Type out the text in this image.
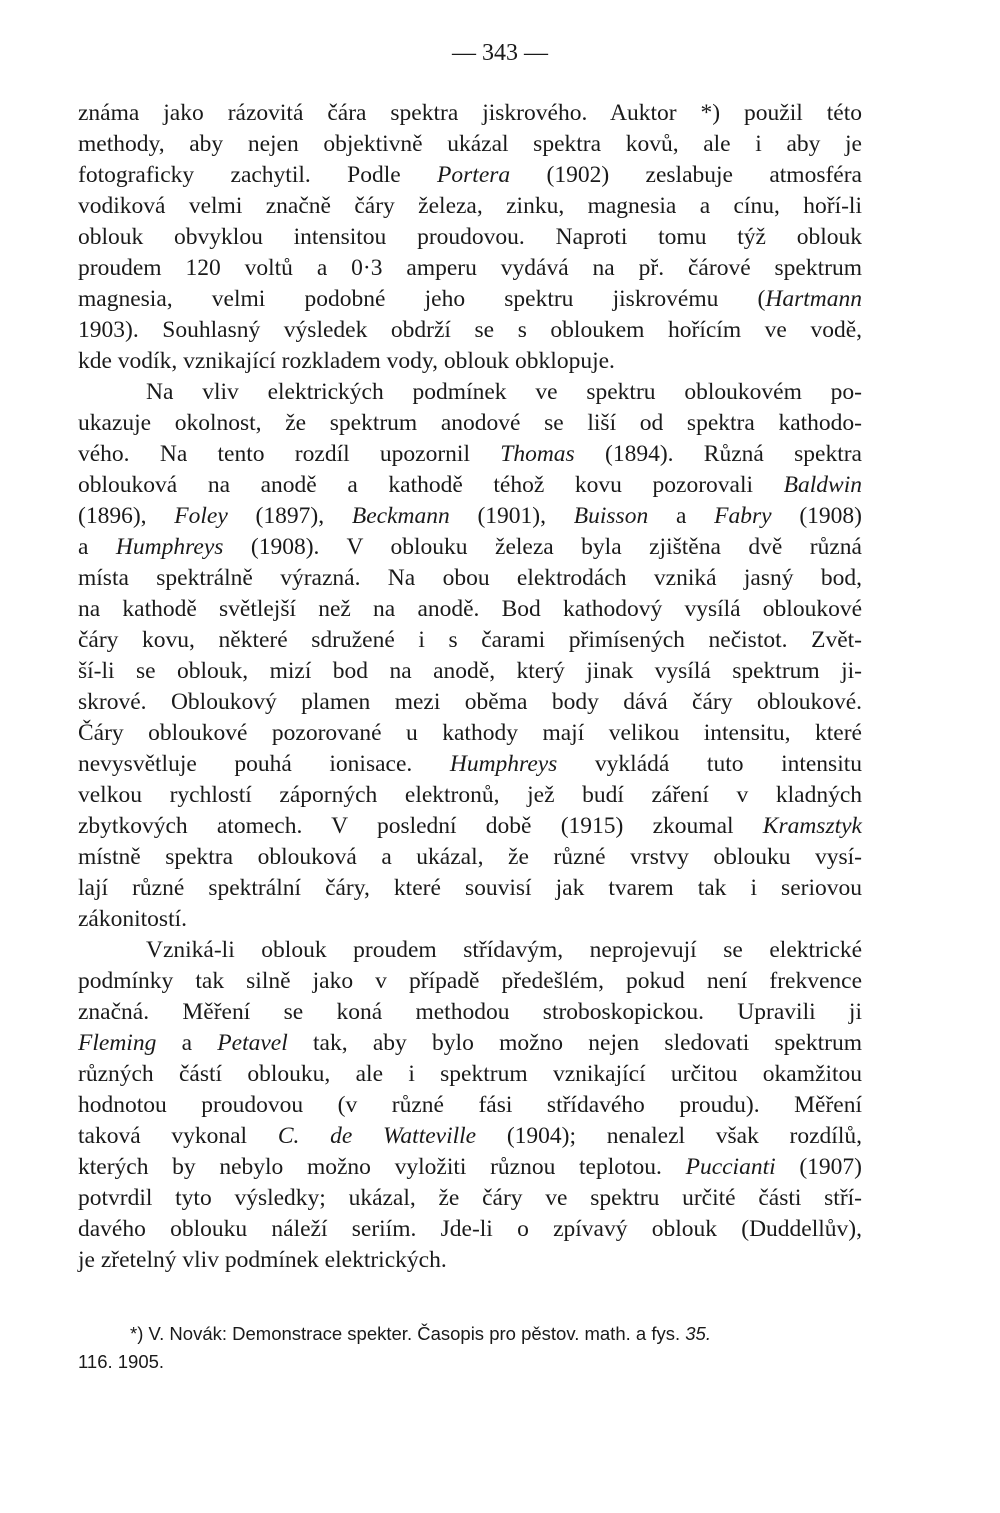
— 343 —
známa jako rázovitá čára spektra jiskrového. Auktor *) použil této
methody, aby nejen objektivně ukázal spektra kovů, ale i aby je
fotograficky zachytil. Podle Portera (1902) zeslabuje atmosféra
vodiková velmi značně čáry železa, zinku, magnesia a cínu, hoří-li
oblouk obvyklou intensitou proudovou. Naproti tomu týž oblouk
proudem 120 voltů a 0·3 amperu vydává na př. čárové spektrum
magnesia, velmi podobné jeho spektru jiskrovému (Hartmann
1903). Souhlasný výsledek obdrží se s obloukem hořícím ve vodě,
kde vodík, vznikající rozkladem vody, oblouk obklopuje.
Na vliv elektrických podmínek ve spektru obloukovém po-
ukazuje okolnost, že spektrum anodové se liší od spektra kathodo-
vého. Na tento rozdíl upozornil Thomas (1894). Různá spektra
oblouková na anodě a kathodě téhož kovu pozorovali Baldwin
(1896), Foley (1897), Beckmann (1901), Buisson a Fabry (1908)
a Humphreys (1908). V oblouku železa byla zjištěna dvě různá
místa spektrálně výrazná. Na obou elektrodách vzniká jasný bod,
na kathodě světlejší než na anodě. Bod kathodový vysílá obloukové
čáry kovu, některé sdružené i s čarami přimísených nečistot. Zvět-
ší-li se oblouk, mizí bod na anodě, který jinak vysílá spektrum ji-
skrové. Obloukový plamen mezi oběma body dává čáry obloukové.
Čáry obloukové pozorované u kathody mají velikou intensitu, které
nevysvětluje pouhá ionisace. Humphreys vykládá tuto intensitu
velkou rychlostí záporných elektronů, jež budí záření v kladných
zbytkových atomech. V poslední době (1915) zkoumal Kramsztyk
místně spektra oblouková a ukázal, že různé vrstvy oblouku vysí-
lají různé spektrální čáry, které souvisí jak tvarem tak i seriovou
zákonitostí.
Vzniká-li oblouk proudem střídavým, neprojevují se elektrické
podmínky tak silně jako v případě předešlém, pokud není frekvence
značná. Měření se koná methodou stroboskopickou. Upravili ji
Fleming a Petavel tak, aby bylo možno nejen sledovati spektrum
různých částí oblouku, ale i spektrum vznikající určitou okamžitou
hodnotou proudovou (v různé fási střídavého proudu). Měření
taková vykonal C. de Watteville (1904); nenalezl však rozdílů,
kterých by nebylo možno vyložiti různou teplotou. Puccianti (1907)
potvrdil tyto výsledky; ukázal, že čáry ve spektru určité části stří-
davého oblouku náleží seriím. Jde-li o zpívavý oblouk (Duddellův),
je zřetelný vliv podmínek elektrických.
*) V. Novák: Demonstrace spekter. Časopis pro pěstov. math. a fys. 35.
116. 1905.
